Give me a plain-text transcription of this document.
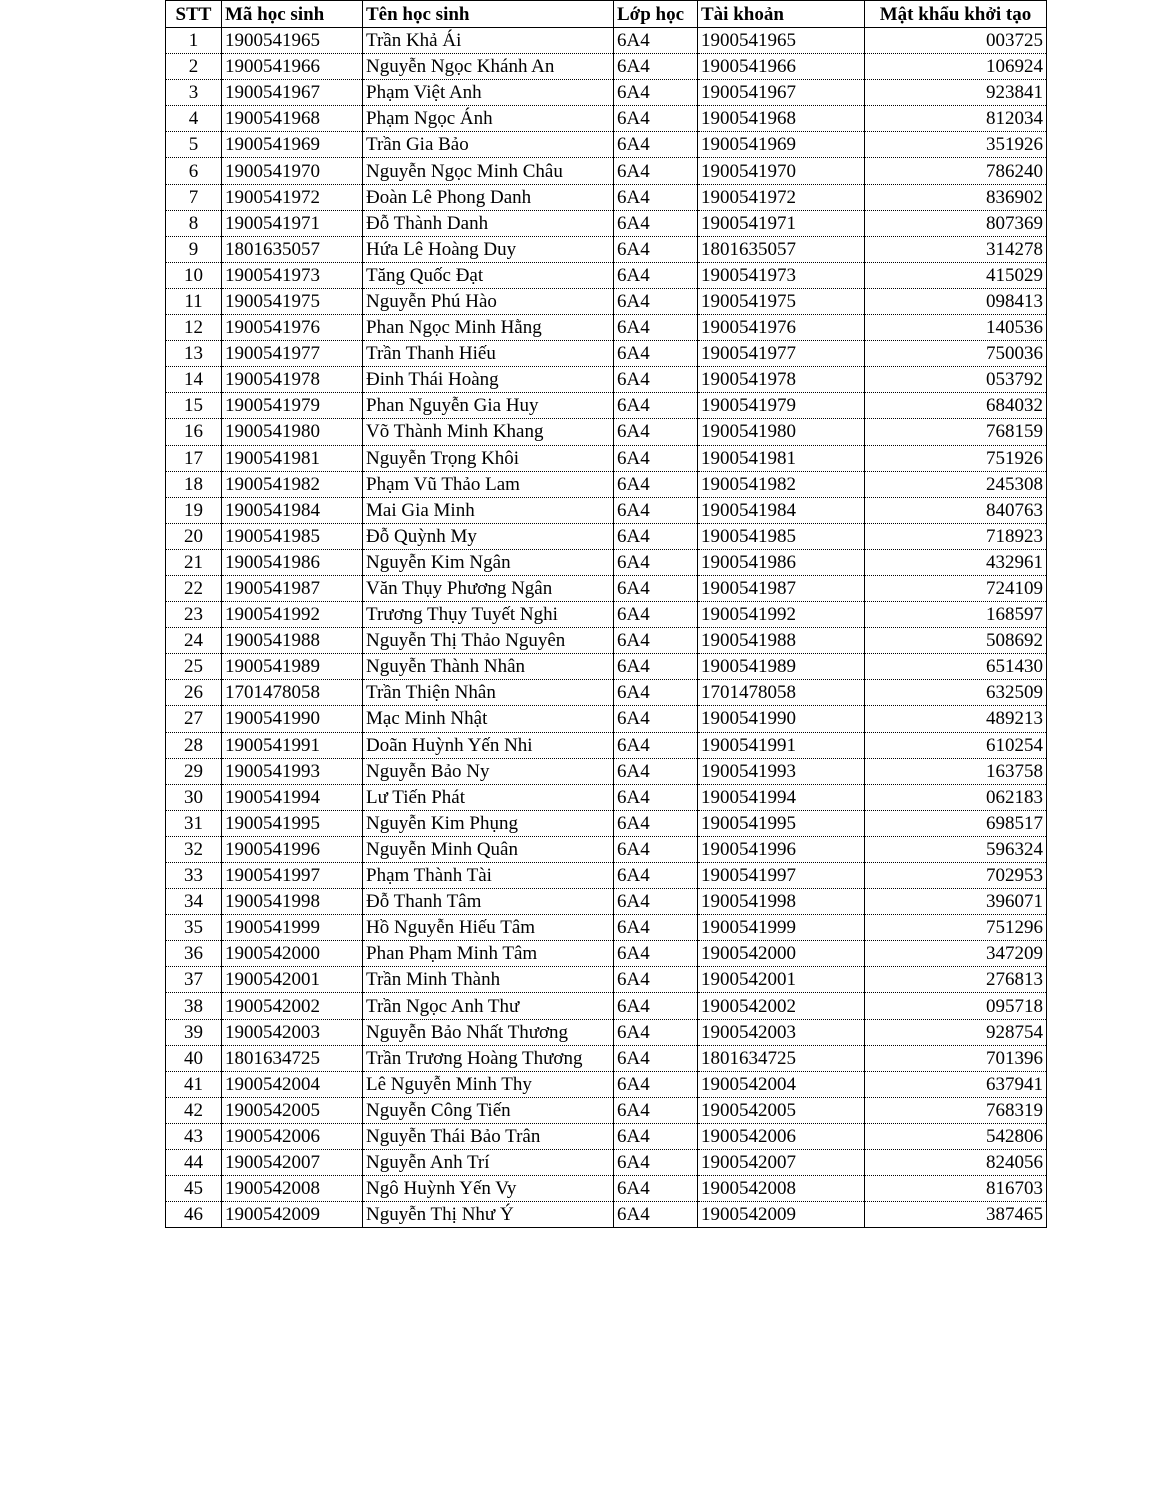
STT	Mã học sinh	Tên học sinh	Lớp học	Tài khoản	Mật khẩu khởi tạo
1	1900541965	Trần Khả Ái	6A4	1900541965	003725
2	1900541966	Nguyễn Ngọc Khánh An	6A4	1900541966	106924
3	1900541967	Phạm Việt Anh	6A4	1900541967	923841
4	1900541968	Phạm Ngọc Ánh	6A4	1900541968	812034
5	1900541969	Trần Gia Bảo	6A4	1900541969	351926
6	1900541970	Nguyễn Ngọc Minh Châu	6A4	1900541970	786240
7	1900541972	Đoàn Lê Phong Danh	6A4	1900541972	836902
8	1900541971	Đỗ Thành Danh	6A4	1900541971	807369
9	1801635057	Hứa Lê Hoàng Duy	6A4	1801635057	314278
10	1900541973	Tăng Quốc Đạt	6A4	1900541973	415029
11	1900541975	Nguyễn Phú Hào	6A4	1900541975	098413
12	1900541976	Phan Ngọc Minh Hằng	6A4	1900541976	140536
13	1900541977	Trần Thanh Hiếu	6A4	1900541977	750036
14	1900541978	Đinh Thái Hoàng	6A4	1900541978	053792
15	1900541979	Phan Nguyễn Gia Huy	6A4	1900541979	684032
16	1900541980	Võ Thành Minh Khang	6A4	1900541980	768159
17	1900541981	Nguyễn Trọng Khôi	6A4	1900541981	751926
18	1900541982	Phạm Vũ Thảo Lam	6A4	1900541982	245308
19	1900541984	Mai Gia Minh	6A4	1900541984	840763
20	1900541985	Đỗ Quỳnh My	6A4	1900541985	718923
21	1900541986	Nguyễn Kim Ngân	6A4	1900541986	432961
22	1900541987	Văn Thụy Phương Ngân	6A4	1900541987	724109
23	1900541992	Trương Thụy Tuyết Nghi	6A4	1900541992	168597
24	1900541988	Nguyễn Thị Thảo Nguyên	6A4	1900541988	508692
25	1900541989	Nguyễn Thành Nhân	6A4	1900541989	651430
26	1701478058	Trần Thiện Nhân	6A4	1701478058	632509
27	1900541990	Mạc Minh Nhật	6A4	1900541990	489213
28	1900541991	Doãn Huỳnh Yến Nhi	6A4	1900541991	610254
29	1900541993	Nguyễn Bảo Ny	6A4	1900541993	163758
30	1900541994	Lư Tiến Phát	6A4	1900541994	062183
31	1900541995	Nguyễn Kim Phụng	6A4	1900541995	698517
32	1900541996	Nguyễn Minh Quân	6A4	1900541996	596324
33	1900541997	Phạm Thành Tài	6A4	1900541997	702953
34	1900541998	Đỗ Thanh Tâm	6A4	1900541998	396071
35	1900541999	Hồ Nguyễn Hiếu Tâm	6A4	1900541999	751296
36	1900542000	Phan Phạm Minh Tâm	6A4	1900542000	347209
37	1900542001	Trần Minh Thành	6A4	1900542001	276813
38	1900542002	Trần Ngọc Anh Thư	6A4	1900542002	095718
39	1900542003	Nguyễn Bảo Nhất Thương	6A4	1900542003	928754
40	1801634725	Trần Trương Hoàng Thương	6A4	1801634725	701396
41	1900542004	Lê Nguyễn Minh Thy	6A4	1900542004	637941
42	1900542005	Nguyễn Công Tiến	6A4	1900542005	768319
43	1900542006	Nguyễn Thái Bảo Trân	6A4	1900542006	542806
44	1900542007	Nguyễn Anh Trí	6A4	1900542007	824056
45	1900542008	Ngô Huỳnh Yến Vy	6A4	1900542008	816703
46	1900542009	Nguyễn Thị Như Ý	6A4	1900542009	387465
